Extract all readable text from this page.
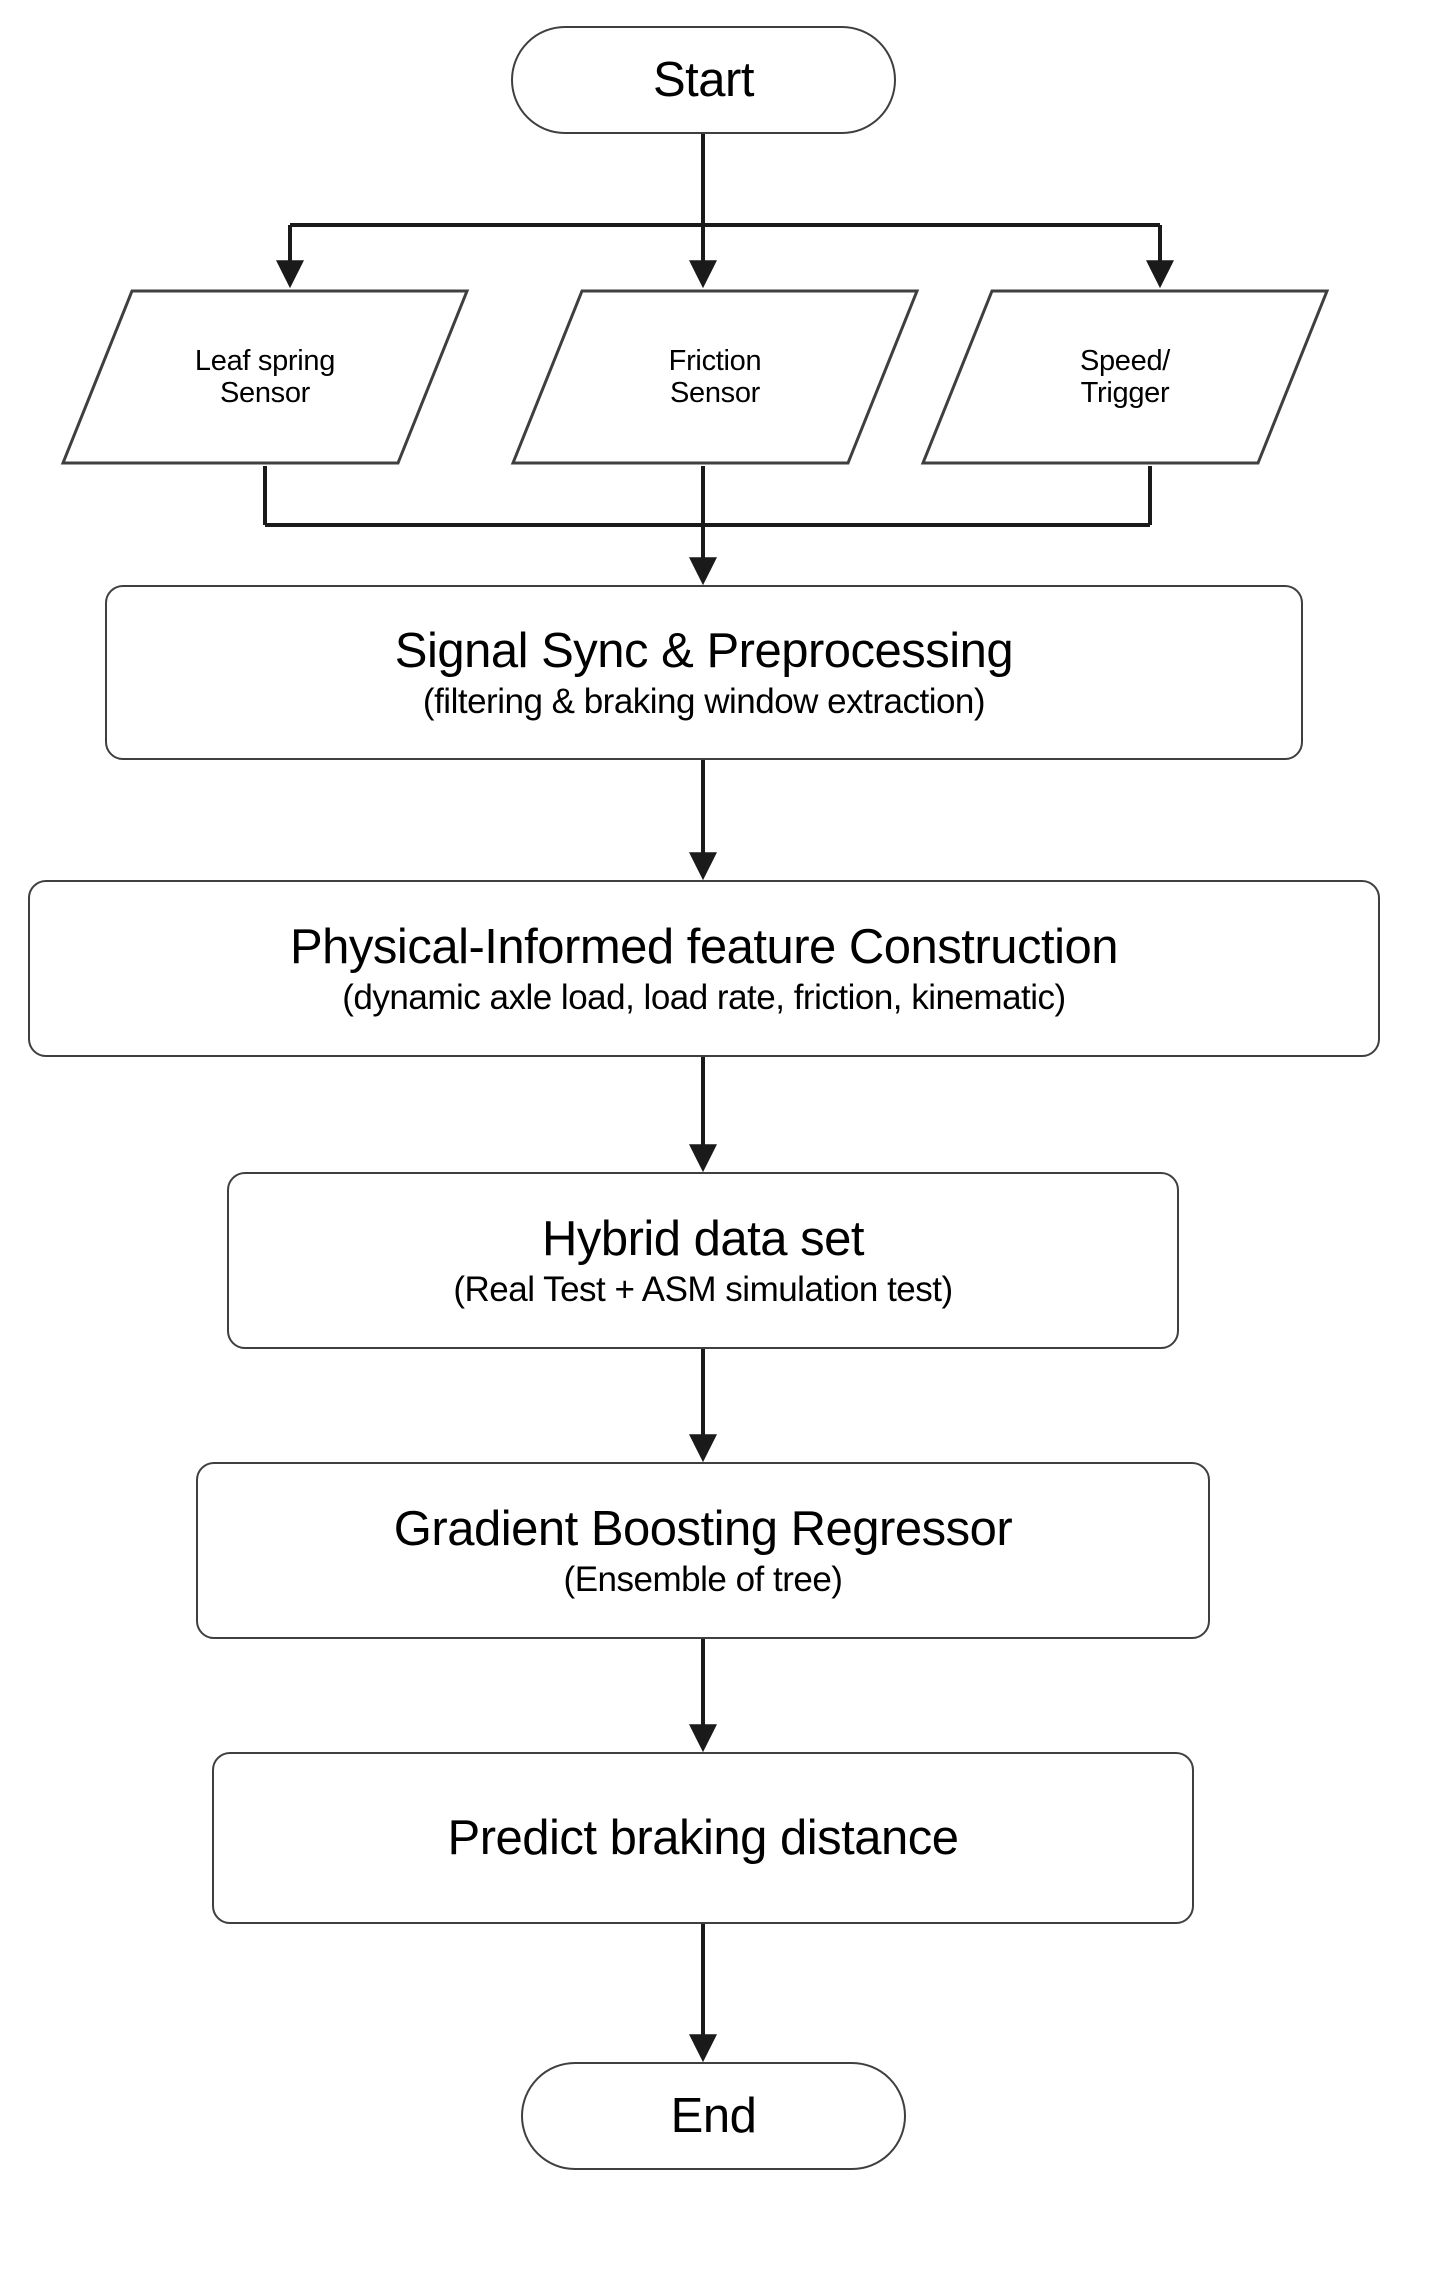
Start
Leaf spring
Sensor
Friction
Sensor
Speed/
Trigger
Signal Sync & Preprocessing
(filtering & braking window extraction)
Physical-Informed feature Construction
(dynamic axle load, load rate, friction, kinematic)
Hybrid data set
(Real Test + ASM simulation test)
Gradient Boosting Regressor
(Ensemble of tree)
Predict braking distance
End
